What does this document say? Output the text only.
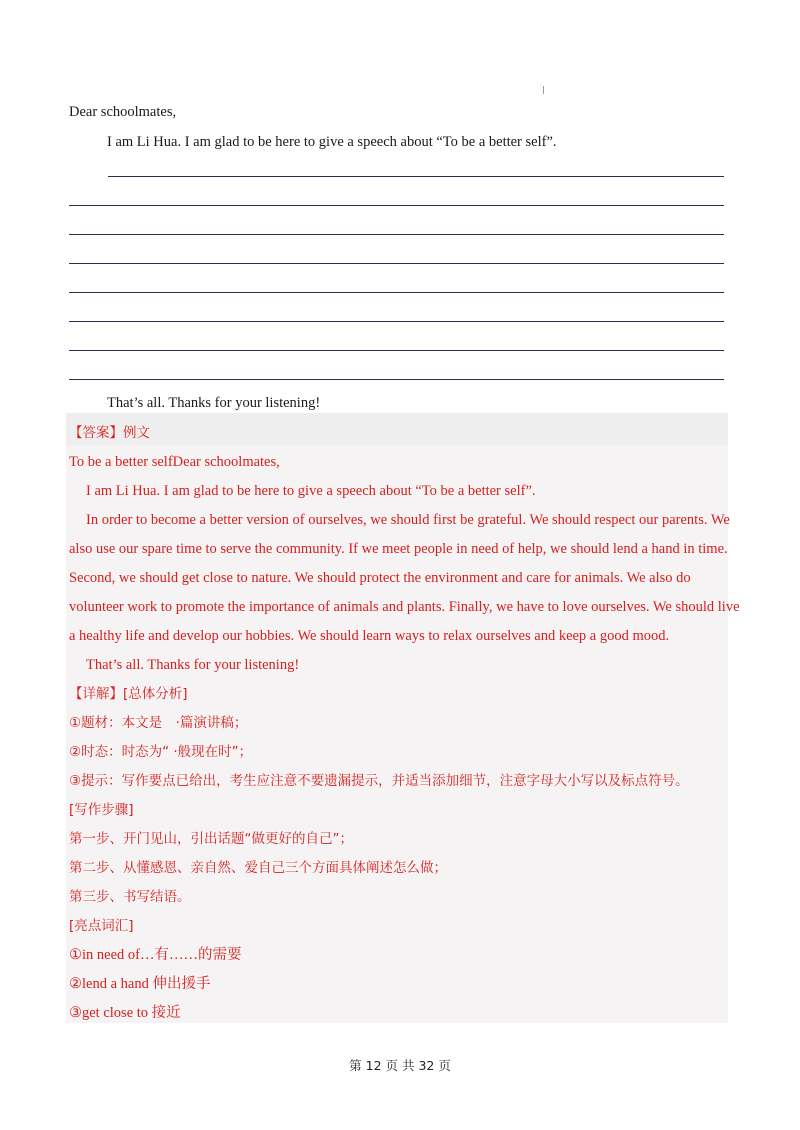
Dear schoolmates,
I am Li Hua. I am glad to be here to give a speech about “To be a better self”.
That’s all. Thanks for your listening!
【答案】例文
To be a better selfDear schoolmates,
I am Li Hua. I am glad to be here to give a speech about “To be a better self”.
In order to become a better version of ourselves, we should first be grateful. We should respect our parents. We
also use our spare time to serve the community. If we meet people in need of help, we should lend a hand in time.
Second, we should get close to nature. We should protect the environment and care for animals. We also do
volunteer work to promote the importance of animals and plants. Finally, we have to love ourselves. We should live
a healthy life and develop our hobbies. We should learn ways to relax ourselves and keep a good mood.
That’s all. Thanks for your listening!
【详解】[总体分析]
①题材：本文是　·篇演讲稿；
②时态：时态为“ ·般现在时”；
③提示：写作要点已给出，考生应注意不要遗漏提示，并适当添加细节，注意字母大小写以及标点符号。
[写作步骤]
第一步、开门见山，引出话题“做更好的自己”；
第二步、从懂感恩、亲自然、爱自己三个方面具体阐述怎么做；
第三步、书写结语。
[亮点词汇]
①in need of…有……的需要
②lend a hand 伸出援手
③get close to 接近
第 12 页 共 32 页
